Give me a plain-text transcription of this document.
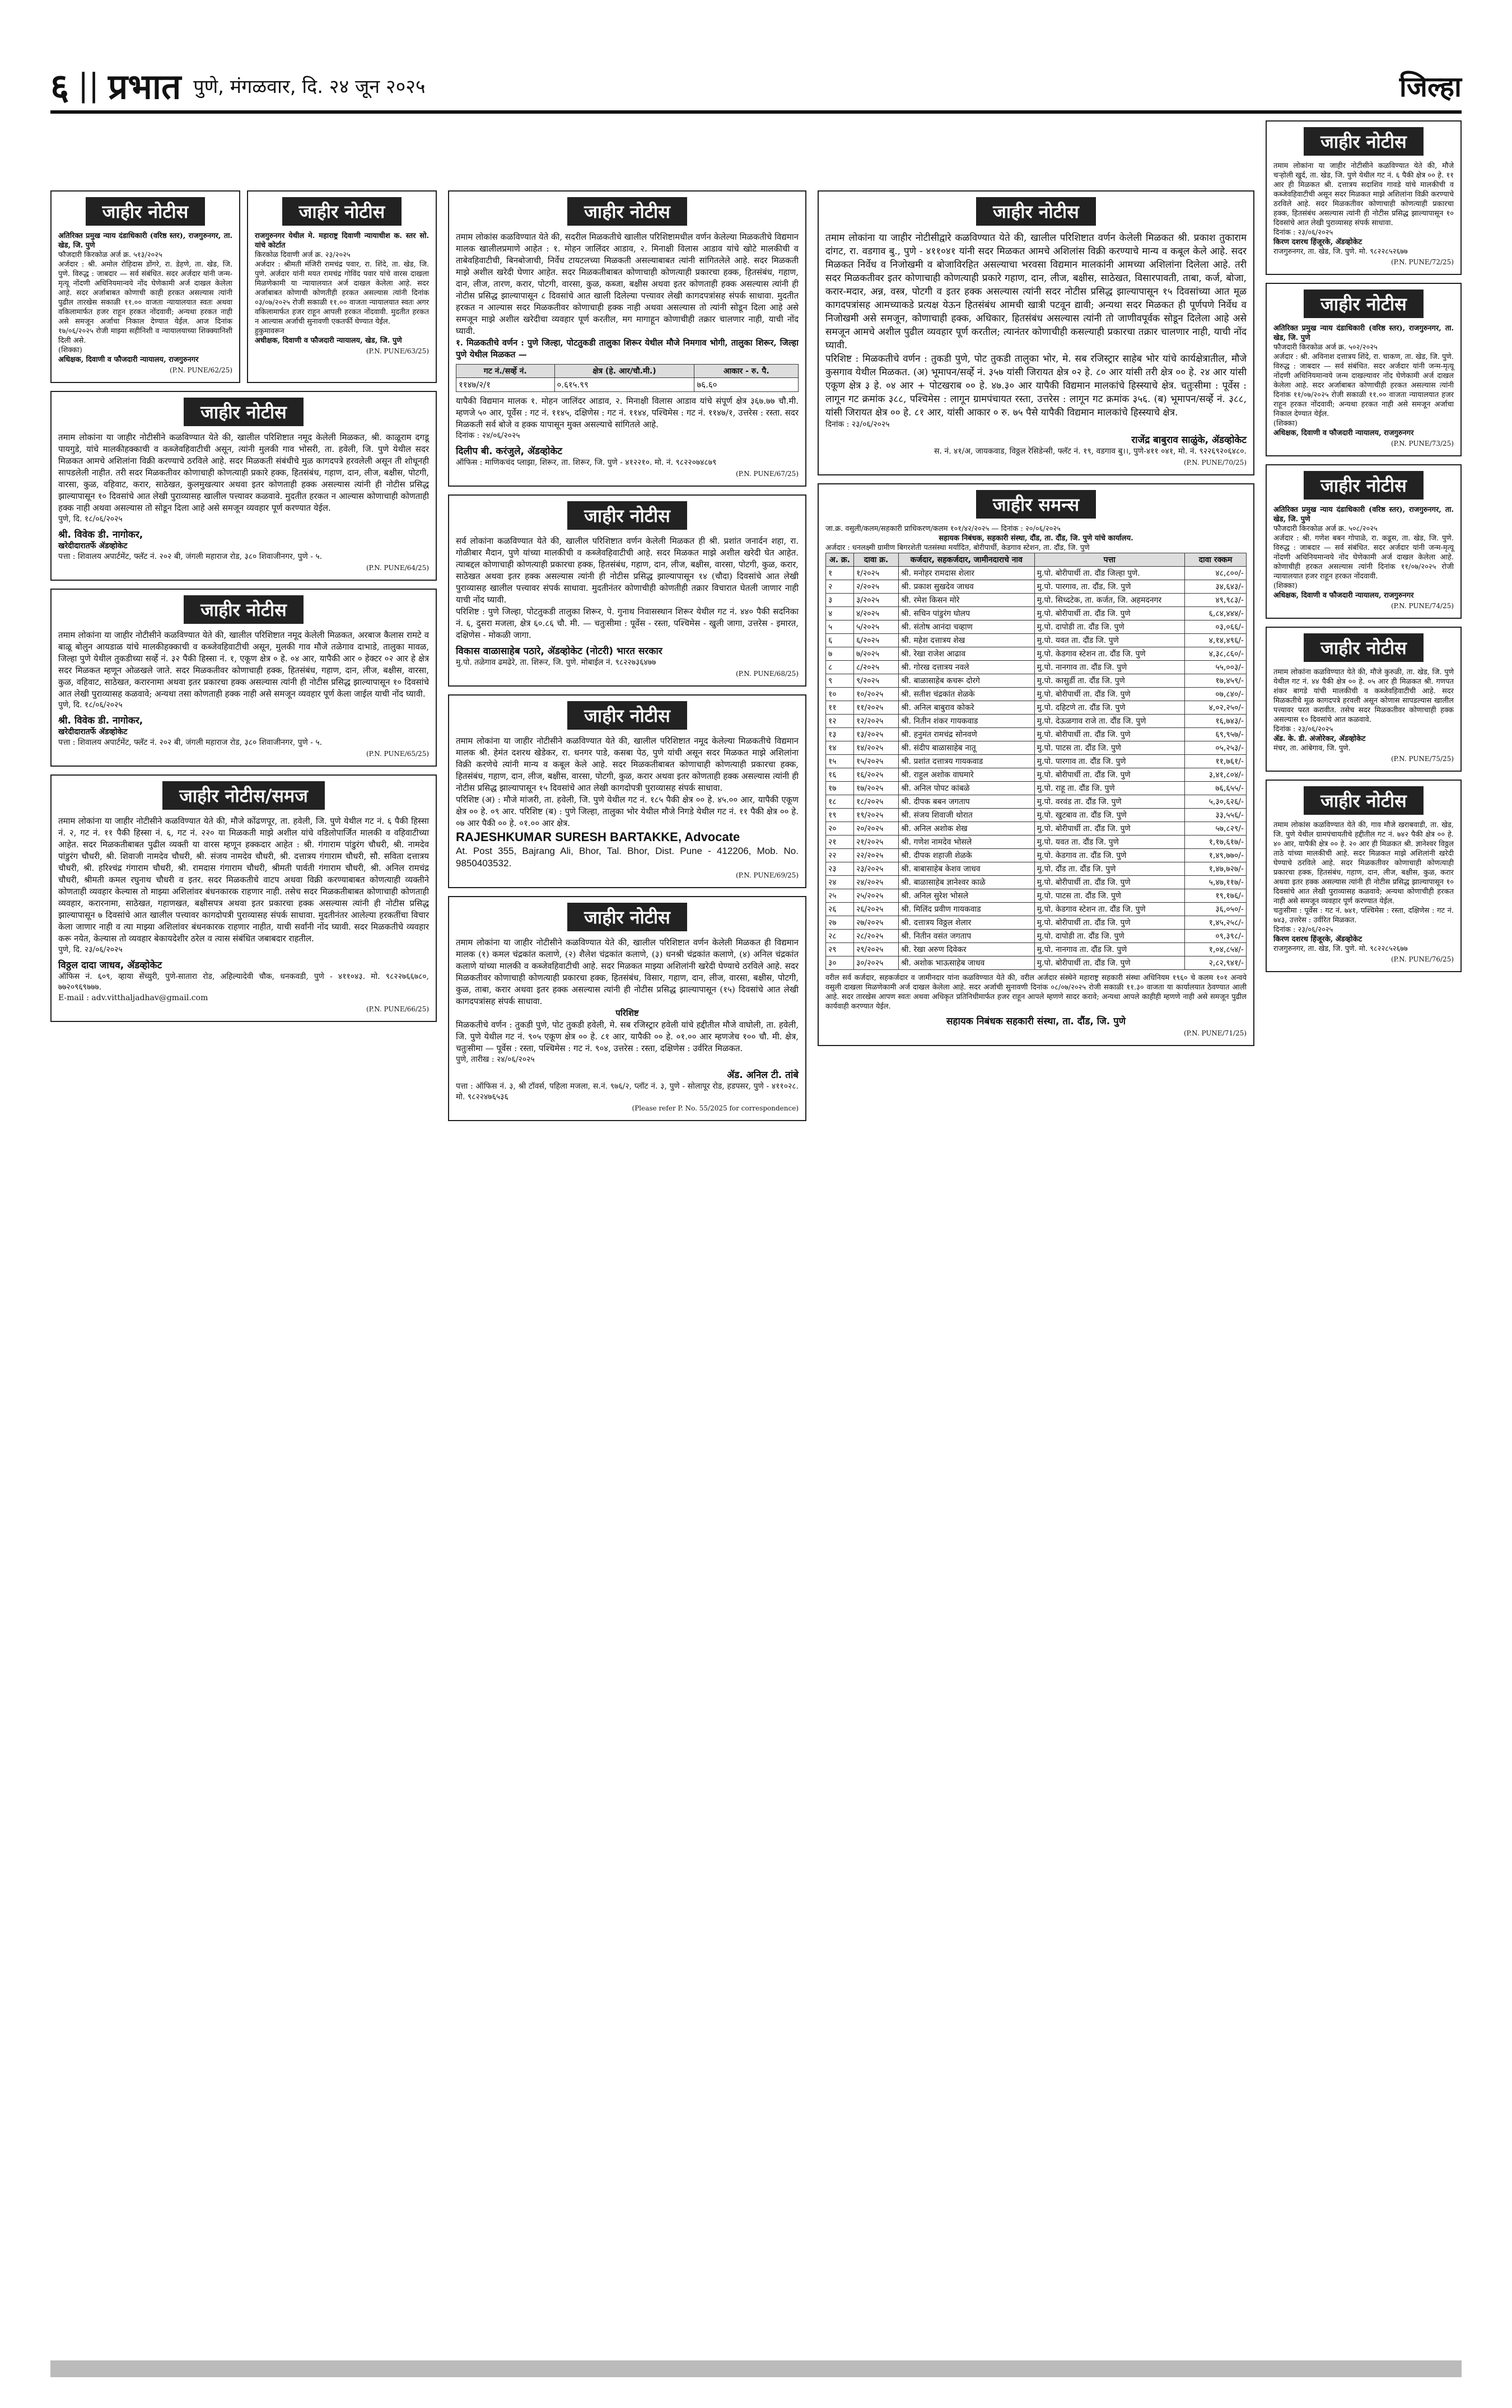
६ || प्रभात पुणे, मंगळवार, दि. २४ जून २०२५	जिल्हा
जाहीर नोटीस

अतिरिक्त प्रमुख न्याय दंडाधिकारी (वरिष्ठ स्तर), राजगुरुनगर, ता. खेड, जि. पुणे

फौजदारी किरकोळ अर्ज क्र. ५१३/२०२५

अर्जदार : श्री. अमोल रोहिदास डोंगरे, रा. डेहणे, ता. खेड, जि. पुणे. विरुद्ध : जाबदार — सर्व संबंधित. सदर अर्जदार यांनी जन्म-मृत्यू नोंदणी अधिनियमान्वये नोंद घेणेकामी अर्ज दाखल केलेला आहे. सदर अर्जाबाबत कोणाची काही हरकत असल्यास त्यांनी पुढील तारखेस सकाळी ११.०० वाजता न्यायालयात स्वतः अथवा वकिलामार्फत हजर राहून हरकत नोंदवावी; अन्यथा हरकत नाही असे समजून अर्जाचा निकाल देण्यात येईल. आज दिनांक १७/०६/२०२५ रोजी माझ्या सहीनिशी व न्यायालयाच्या शिक्क्यानिशी दिली असे.

(शिक्का)

अधिक्षक, दिवाणी व फौजदारी न्यायालय, राजगुरुनगर

(P.N. PUNE/62/25)

जाहीर नोटीस

राजगुरुनगर येथील मे. महाराष्ट्र दिवाणी न्यायाधीश क. स्तर सो. यांचे कोर्टात

किरकोळ दिवाणी अर्ज क्र. २३/२०२५

अर्जदार : श्रीमती मंजिरी रामचंद्र पवार, रा. शिंदे, ता. खेड, जि. पुणे. अर्जदार यांनी मयत रामचंद्र गोविंद पवार यांचे वारस दाखला मिळणेकामी या न्यायालयात अर्ज दाखल केलेला आहे. सदर अर्जाबाबत कोणाची कोणतीही हरकत असल्यास त्यांनी दिनांक ०३/०७/२०२५ रोजी सकाळी ११.०० वाजता न्यायालयात स्वतः अगर वकिलामार्फत हजर राहून आपली हरकत नोंदवावी. मुदतीत हरकत न आल्यास अर्जाची सुनावणी एकतर्फी घेण्यात येईल.

हुकुमावरून

अधीक्षक, दिवाणी व फौजदारी न्यायालय, खेड, जि. पुणे

(P.N. PUNE/63/25)

जाहीर नोटीस

तमाम लोकांना या जाहीर नोटीसीने कळविण्यात येते की, खालील परिशिष्टात नमूद केलेली मिळकत, श्री. काळूराम दगडू पायगुडे, यांचे मालकीहक्काची व कब्जेवहिवाटीची असून, त्यांनी मुलकी गाव भोसरी, ता. हवेली, जि. पुणे येथील सदर मिळकत आमचे अशिलांना विक्री करण्याचे ठरविले आहे. सदर मिळकती संबंधीचे मुळ कागदपत्रे हरवलेली असून ती शोधूनही सापडलेली नाहीत. तरी सदर मिळकतीवर कोणाचाही कोणत्याही प्रकारे हक्क, हितसंबंध, गहाण, दान, लीज, बक्षीस, पोटगी, वारसा, कुळ, वहिवाट, करार, साठेखत, कुलमुखत्यार अथवा इतर कोणताही हक्क असल्यास त्यांनी ही नोटीस प्रसिद्ध झाल्यापासून १० दिवसांचे आत लेखी पुराव्यासह खालील पत्त्यावर कळवावे. मुदतीत हरकत न आल्यास कोणाचाही कोणताही हक्क नाही अथवा असल्यास तो सोडून दिला आहे असे समजून व्यवहार पूर्ण करण्यात येईल.

पुणे, दि. १८/०६/२०२५

श्री. विवेक डी. नागोकर,

खरेदीदारातर्फे ॲडव्होकेट

पत्ता : शिवालय अपार्टमेंट, फ्लॅट नं. २०२ बी, जंगली महाराज रोड, ३८० शिवाजीनगर, पुणे - ५.

(P.N. PUNE/64/25)

जाहीर नोटीस

तमाम लोकांना या जाहीर नोटीसीने कळविण्यात येते की, खालील परिशिष्टात नमूद केलेली मिळकत, अरबाज कैलास रामटे व बाळू बोलुन आयडाळ यांचे मालकीहक्काची व कब्जेवहिवाटीची असून, मुलकी गाव मौजे तळेगाव दाभाडे, तालुका मावळ, जिल्हा पुणे येथील तुकडीच्या सर्व्हे नं. ३२ पैकी हिस्सा नं. १, एकूण क्षेत्र ० हे. ०४ आर, यापैकी आर ० हेक्टर ०२ आर हे क्षेत्र सदर मिळकत म्हणून ओळखले जाते. सदर मिळकतीवर कोणाचाही हक्क, हितसंबंध, गहाण, दान, लीज, बक्षीस, वारसा, कुळ, वहिवाट, साठेखत, करारनामा अथवा इतर प्रकारचा हक्क असल्यास त्यांनी ही नोटीस प्रसिद्ध झाल्यापासून १० दिवसांचे आत लेखी पुराव्यासह कळवावे; अन्यथा तसा कोणताही हक्क नाही असे समजून व्यवहार पूर्ण केला जाईल याची नोंद घ्यावी.

पुणे, दि. १८/०६/२०२५

श्री. विवेक डी. नागोकर,

खरेदीदारातर्फे ॲडव्होकेट

पत्ता : शिवालय अपार्टमेंट, फ्लॅट नं. २०२ बी, जंगली महाराज रोड, ३८० शिवाजीनगर, पुणे - ५.

(P.N. PUNE/65/25)

जाहीर नोटीस/समज

तमाम लोकांना या जाहीर नोटीसीने कळविण्यात येते की, मौजे कोंढणपूर, ता. हवेली, जि. पुणे येथील गट नं. ६ पैकी हिस्सा नं. २, गट नं. ११ पैकी हिस्सा नं. ६, गट नं. २२० या मिळकती माझे अशील यांचे वडिलोपार्जित मालकी व वहिवाटीच्या आहेत. सदर मिळकतीबाबत पुढील व्यक्ती या वारस म्हणून हक्कदार आहेत : श्री. गंगाराम पांडुरंग चौधरी, श्री. नामदेव पांडुरंग चौधरी, श्री. शिवाजी नामदेव चौधरी, श्री. संजय नामदेव चौधरी, श्री. दत्तात्रय गंगाराम चौधरी, सौ. सविता दत्तात्रय चौधरी, श्री. हरिश्चंद्र गंगाराम चौधरी, श्री. रामदास गंगाराम चौधरी, श्रीमती पार्वती गंगाराम चौधरी, श्री. अनिल रामचंद्र चौधरी, श्रीमती कमल रघुनाथ चौधरी व इतर. सदर मिळकतीचे वाटप अथवा विक्री करण्याबाबत कोणत्याही व्यक्तीने कोणताही व्यवहार केल्यास तो माझ्या अशिलांवर बंधनकारक राहणार नाही. तसेच सदर मिळकतीबाबत कोणाचाही कोणताही व्यवहार, करारनामा, साठेखत, गहाणखत, बक्षीसपत्र अथवा इतर प्रकारचा हक्क असल्यास त्यांनी ही नोटीस प्रसिद्ध झाल्यापासून ७ दिवसांचे आत खालील पत्त्यावर कागदोपत्री पुराव्यासह संपर्क साधावा. मुदतीनंतर आलेल्या हरकतींचा विचार केला जाणार नाही व त्या माझ्या अशिलांवर बंधनकारक राहणार नाहीत, याची सर्वांनी नोंद घ्यावी. सदर मिळकतीचे व्यवहार करू नयेत, केल्यास तो व्यवहार बेकायदेशीर ठरेल व त्यास संबंधित जबाबदार राहतील.

पुणे, दि. २३/०६/२०२५

विठ्ठल दादा जाधव, ॲडव्होकेट

ऑफिस नं. ६०९, व्हाया सेंच्युरी, पुणे-सातारा रोड, अहिल्यादेवी चौक, धनकवडी, पुणे - ४११०४३. मो. ९८२२७६६७८०, ७७२०९६९७७७.

E-mail : adv.vitthaljadhav@gmail.com

(P.N. PUNE/66/25)

जाहीर नोटीस

तमाम लोकांस कळविण्यात येते की, सदरील मिळकतीचे खालील परिशिष्टामधील वर्णन केलेल्या मिळकतीचे विद्यमान मालक खालीलप्रमाणे आहेत : १. मोहन जालिंदर आडाव, २. मिनाक्षी विलास आडाव यांचे खोटे मालकीची व ताबेवहिवाटीची, बिनबोजाची, निर्वेध टायटलच्या मिळकती असल्याबाबत त्यांनी सांगितलेले आहे. सदर मिळकती माझे अशील खरेदी घेणार आहेत. सदर मिळकतीबाबत कोणाचाही कोणत्याही प्रकारचा हक्क, हितसंबंध, गहाण, दान, लीज, तारण, करार, पोटगी, वारसा, कुळ, कब्जा, बक्षीस अथवा इतर कोणताही हक्क असल्यास त्यांनी ही नोटीस प्रसिद्ध झाल्यापासून ८ दिवसांचे आत खाली दिलेल्या पत्त्यावर लेखी कागदपत्रांसह संपर्क साधावा. मुदतीत हरकत न आल्यास सदर मिळकतीवर कोणाचाही हक्क नाही अथवा असल्यास तो त्यांनी सोडून दिला आहे असे समजून माझे अशील खरेदीचा व्यवहार पूर्ण करतील, मग मागाहून कोणाचीही तक्रार चालणार नाही, याची नोंद घ्यावी.

१. मिळकतीचे वर्णन : पुणे जिल्हा, पोटतुकडी तालुका शिरूर येथील मौजे निमगाव भोगी, तालुका शिरूर, जिल्हा पुणे येथील मिळकत —

गट नं./सर्व्हे नं.	क्षेत्र (हे. आर/चौ.मी.)	आकार - रु. पै.
११४७/२/१	०.६१५.९९	७६.६०

यापैकी विद्यमान मालक १. मोहन जालिंदर आडाव, २. मिनाक्षी विलास आडाव यांचे संपूर्ण क्षेत्र ३६७.७७ चौ.मी. म्हणजे ५० आर, पूर्वेस : गट नं. ११४५, दक्षिणेस : गट नं. ११४४, पश्चिमेस : गट नं. ११४७/१, उत्तरेस : रस्ता. सदर मिळकती सर्व बोजे व हक्क यापासून मुक्त असल्याचे सांगितले आहे.

दिनांक : २४/०६/२०२५

दिलीप बी. करंजुले, ॲडव्होकेट

ऑफिस : माणिकचंद प्लाझा, शिरूर, ता. शिरूर, जि. पुणे - ४१२२१०. मो. नं. ९८२२०७४८७९

(P.N. PUNE/67/25)

जाहीर नोटीस

सर्व लोकांना कळविण्यात येते की, खालील परिशिष्टात वर्णन केलेली मिळकत ही श्री. प्रशांत जनार्दन शहा, रा. गोळीबार मैदान, पुणे यांच्या मालकीची व कब्जेवहिवाटीची आहे. सदर मिळकत माझे अशील खरेदी घेत आहेत. त्याबद्दल कोणाचाही कोणत्याही प्रकारचा हक्क, हितसंबंध, गहाण, दान, लीज, बक्षीस, वारसा, पोटगी, कुळ, करार, साठेखत अथवा इतर हक्क असल्यास त्यांनी ही नोटीस प्रसिद्ध झाल्यापासून १४ (चौदा) दिवसांचे आत लेखी पुराव्यासह खालील पत्त्यावर संपर्क साधावा. मुदतीनंतर कोणाचीही कोणतीही तक्रार विचारात घेतली जाणार नाही याची नोंद घ्यावी.

परिशिष्ट : पुणे जिल्हा, पोटतुकडी तालुका शिरूर, पे. गुनाथ निवासस्थान शिरूर येथील गट नं. ४४० पैकी सदनिका नं. ६, दुसरा मजला, क्षेत्र ६०.८६ चौ. मी. — चतुःसीमा : पूर्वेस - रस्ता, पश्चिमेस - खुली जागा, उत्तरेस - इमारत, दक्षिणेस - मोकळी जागा.

विकास वाळासाहेब पठारे, ॲडव्होकेट (नोटरी) भारत सरकार

मु.पो. तळेगाव ढमढेरे, ता. शिरूर, जि. पुणे. मोबाईल नं. ९८२२७३६४७७

(P.N. PUNE/68/25)

जाहीर नोटीस

तमाम लोकांना या जाहीर नोटीसीने कळविण्यात येते की, खालील परिशिष्टात नमूद केलेल्या मिळकतीचे विद्यमान मालक श्री. हेमंत दशरथ खेडेकर, रा. धनगर पाडे, कसबा पेठ, पुणे यांची असून सदर मिळकत माझे अशिलांना विक्री करणेचे त्यांनी मान्य व कबूल केले आहे. सदर मिळकतीबाबत कोणाचाही कोणत्याही प्रकारचा हक्क, हितसंबंध, गहाण, दान, लीज, बक्षीस, वारसा, पोटगी, कुळ, करार अथवा इतर कोणताही हक्क असल्यास त्यांनी ही नोटीस प्रसिद्ध झाल्यापासून १५ दिवसांचे आत लेखी कागदोपत्री पुराव्यासह संपर्क साधावा.

परिशिष्ट (अ) : मौजे मांजरी, ता. हवेली, जि. पुणे येथील गट नं. १८५ पैकी क्षेत्र ०० हे. ४५.०० आर, यापैकी एकूण क्षेत्र ०० हे. ०९ आर. परिशिष्ट (ब) : पुणे जिल्हा, तालुका भोर येथील मौजे निगडे येथील गट नं. ११ पैकी क्षेत्र ०० हे. ०७ आर पैकी ०० हे. ०१.०० आर क्षेत्र.

RAJESHKUMAR SURESH BARTAKKE, Advocate

At. Post 355, Bajrang Ali, Bhor, Tal. Bhor, Dist. Pune - 412206, Mob. No. 9850403532.

(P.N. PUNE/69/25)

जाहीर नोटीस

तमाम लोकांना या जाहीर नोटीसीने कळविण्यात येते की, खालील परिशिष्टात वर्णन केलेली मिळकत ही विद्यमान मालक (१) कमल चंद्रकांत कलाणे, (२) शैलेश चंद्रकांत कलाणे, (३) धनश्री चंद्रकांत कलाणे, (४) अनिल चंद्रकांत कलाणे यांच्या मालकी व कब्जेवहिवाटीची आहे. सदर मिळकत माझ्या अशिलांनी खरेदी घेण्याचे ठरविले आहे. सदर मिळकतीवर कोणाचाही कोणत्याही प्रकारचा हक्क, हितसंबंध, विसार, गहाण, दान, लीज, वारसा, बक्षीस, पोटगी, कुळ, ताबा, करार अथवा इतर हक्क असल्यास त्यांनी ही नोटीस प्रसिद्ध झाल्यापासून (१५) दिवसांचे आत लेखी कागदपत्रांसह संपर्क साधावा.

परिशिष्ट

मिळकतीचे वर्णन : तुकडी पुणे, पोट तुकडी हवेली, मे. सब रजिस्ट्रार हवेली यांचे हद्दीतील मौजे वाघोली, ता. हवेली, जि. पुणे येथील गट नं. ९०५ एकूण क्षेत्र ०० हे. ८१ आर, यापैकी ०० हे. ०१.०० आर म्हणजेच १०० चौ. मी. क्षेत्र, चतुःसीमा — पूर्वेस : रस्ता, पश्चिमेस : गट नं. ९०४, उत्तरेस : रस्ता, दक्षिणेस : उर्वरित मिळकत.

पुणे, तारीख : २४/०६/२०२५

ॲड. अनिल टी. तांबे

पत्ता : ऑफिस नं. ३, श्री टॉवर्स, पहिला मजला, स.नं. ९७६/२, प्लॉट नं. ३, पुणे - सोलापूर रोड, हडपसर, पुणे - ४११०२८. मो. ९८२२४७६५३६

(Please refer P. No. 55/2025 for correspondence)

जाहीर नोटीस

तमाम लोकांना या जाहीर नोटीसीद्वारे कळविण्यात येते की, खालील परिशिष्टात वर्णन केलेली मिळकत श्री. प्रकाश तुकाराम दांगट, रा. वडगाव बु., पुणे - ४११०४१ यांनी सदर मिळकत आमचे अशिलांस विक्री करण्याचे मान्य व कबूल केले आहे. सदर मिळकत निर्वेध व निजोखमी व बोजाविरहित असल्याचा भरवसा विद्यमान मालकांनी आमच्या अशिलांना दिलेला आहे. तरी सदर मिळकतीवर इतर कोणाचाही कोणत्याही प्रकारे गहाण, दान, लीज, बक्षीस, साठेखत, विसारपावती, ताबा, कर्ज, बोजा, करार-मदार, अन्न, वस्त्र, पोटगी व इतर हक्क असल्यास त्यांनी सदर नोटीस प्रसिद्ध झाल्यापासून १५ दिवसांच्या आत मूळ कागदपत्रांसह आमच्याकडे प्रत्यक्ष येऊन हितसंबंध आमची खात्री पटवून द्यावी; अन्यथा सदर मिळकत ही पूर्णपणे निर्वेध व निजोखमी असे समजून, कोणाचाही हक्क, अधिकार, हितसंबंध असल्यास त्यांनी तो जाणीवपूर्वक सोडून दिलेला आहे असे समजून आमचे अशील पुढील व्यवहार पूर्ण करतील; त्यानंतर कोणाचीही कसल्याही प्रकारचा तक्रार चालणार नाही, याची नोंद घ्यावी.

परिशिष्ट : मिळकतीचे वर्णन : तुकडी पुणे, पोट तुकडी तालुका भोर, मे. सब रजिस्ट्रार साहेब भोर यांचे कार्यक्षेत्रातील, मौजे कुसगाव येथील मिळकत. (अ) भूमापन/सर्व्हे नं. ३५७ यांसी जिरायत क्षेत्र ०२ हे. ८० आर यांसी तरी क्षेत्र ०० हे. २४ आर यांसी एकूण क्षेत्र ३ हे. ०४ आर + पोटखराब ०० हे. ४७.३० आर यापैकी विद्यमान मालकांचे हिस्स्याचे क्षेत्र. चतुःसीमा : पूर्वेस : लागून गट क्रमांक ३८८, पश्चिमेस : लागून ग्रामपंचायत रस्ता, उत्तरेस : लागून गट क्रमांक ३५६. (ब) भूमापन/सर्व्हे नं. ३८८, यांसी जिरायत क्षेत्र ०० हे. ८१ आर, यांसी आकार ० रु. ७५ पैसे यापैकी विद्यमान मालकांचे हिस्स्याचे क्षेत्र.

दिनांक : २३/०६/२०२५

राजेंद्र बाबुराव साळुंके, ॲडव्होकेट

स. नं. ४१/अ, जायकवाड, विठ्ठल रेसिडेन्सी, फ्लॅट नं. १९, वडगाव बु।।, पुणे-४११ ०४१, मो. नं. ९२२६९२०६४८०.

(P.N. PUNE/70/25)

जाहीर समन्स

जा.क्र. वसुली/कलम/सहकारी प्राधिकरण/कलम १०१/४२/२०२५ — दिनांक : २०/०६/२०२५

सहायक निबंधक, सहकारी संस्था, दौंड, ता. दौंड, जि. पुणे यांचे कार्यालय.

अर्जदार : धनलक्ष्मी ग्रामीण बिगरशेती पतसंस्था मर्यादित, बोरीपार्धी, केडगाव स्टेशन, ता. दौंड, जि. पुणे

अ. क्र.	दावा क्र.	कर्जदार, सहकर्जदार, जामीनदाराचे नाव	पत्ता	दावा रक्कम
१	१/२०२५	श्री. मनोहर रामदास शेलार	मु.पो. बोरीपार्धी ता. दौंड जिल्हा पुणे.	४८,८००/-
२	२/२०२५	श्री. प्रकाश सुखदेव जाधव	मु.पो. पारगाव, ता. दौंड, जि. पुणे	३४,६४३/-
३	३/२०२५	श्री. रमेश किसन मोरे	मु.पो. सिध्दटेक, ता. कर्जत, जि. अहमदनगर	४९,९८३/-
४	४/२०२५	श्री. सचिन पांडुरंग घोलप	मु.पो. बोरीपार्धी ता. दौंड जि. पुणे	६,८४,४४४/-
५	५/२०२५	श्री. संतोष आनंदा चव्हाण	मु.पो. दापोडी ता. दौंड जि. पुणे	०३,०६६/-
६	६/२०२५	श्री. महेश दत्तात्रय शेख	मु.पो. यवत ता. दौंड जि. पुणे	४,१४,४९६/-
७	७/२०२५	श्री. रेखा राजेश आढाव	मु.पो. केडगाव स्टेशन ता. दौंड जि. पुणे	४,३८,८६०/-
८	८/२०२५	श्री. गोरख दत्तात्रय नवले	मु.पो. नानगाव ता. दौंड जि. पुणे	५५,००३/-
९	९/२०२५	श्री. बाळासाहेब कचरू दोरगे	मु.पो. कासुर्डी ता. दौंड जि. पुणे	१७,४५९/-
१०	१०/२०२५	श्री. सतीश चंद्रकांत शेळके	मु.पो. बोरीपार्धी ता. दौंड जि. पुणे	०७,८४०/-
११	११/२०२५	श्री. अनिल बाबुराव कोकरे	मु.पो. दहिटणे ता. दौंड जि. पुणे	४,०२,२५०/-
१२	१२/२०२५	श्री. नितीन शंकर गायकवाड	मु.पो. देऊळगाव राजे ता. दौंड जि. पुणे	१६,७४३/-
१३	१३/२०२५	श्री. हनुमंत रामचंद्र सोनवणे	मु.पो. बोरीपार्धी ता. दौंड जि. पुणे	६९,९५७/-
१४	१४/२०२५	श्री. संदीप बाळासाहेब नातू	मु.पो. पाटस ता. दौंड जि. पुणे	०५,२५३/-
१५	१५/२०२५	श्री. प्रशांत दत्तात्रय गायकवाड	मु.पो. पारगाव ता. दौंड जि. पुणे	११,७६१/-
१६	१६/२०२५	श्री. राहुल अशोक वाघमारे	मु.पो. बोरीपार्धी ता. दौंड जि. पुणे	३,४१,८०४/-
१७	१७/२०२५	श्री. अनिल पोपट कांबळे	मु.पो. राहू ता. दौंड जि. पुणे	७६,६५५/-
१८	१८/२०२५	श्री. दीपक बबन जगताप	मु.पो. वरवंड ता. दौंड जि. पुणे	५,३०,६२६/-
१९	१९/२०२५	श्री. संजय शिवाजी थोरात	मु.पो. खुटबाव ता. दौंड जि. पुणे	३३,५५६/-
२०	२०/२०२५	श्री. अनिल अशोक शेख	मु.पो. बोरीपार्धी ता. दौंड जि. पुणे	५७,८२९/-
२१	२१/२०२५	श्री. गणेश नामदेव भोसले	मु.पो. यवत ता. दौंड जि. पुणे	१,१७,६१७/-
२२	२२/२०२५	श्री. दीपक शहाजी शेळके	मु.पो. केडगाव ता. दौंड जि. पुणे	१,४९,७७०/-
२३	२३/२०२५	श्री. बाबासाहेब केशव जाधव	मु.पो. दौंड ता. दौंड जि. पुणे	१,४७,७२७/-
२४	२४/२०२५	श्री. बाळासाहेब ज्ञानेश्वर काळे	मु.पो. बोरीपार्धी ता. दौंड जि. पुणे	५,४७,११७/-
२५	२५/२०२५	श्री. अनिल सुरेश भोसले	मु.पो. पाटस ता. दौंड जि. पुणे	१९,१७६/-
२६	२६/२०२५	श्री. मिलिंद प्रवीण गायकवाड	मु.पो. केडगाव स्टेशन ता. दौंड जि. पुणे	३६,०५०/-
२७	२७/२०२५	श्री. दत्तात्रय विठ्ठल शेलार	मु.पो. बोरीपार्धी ता. दौंड जि. पुणे	१,४५,२५८/-
२८	२८/२०२५	श्री. नितीन वसंत जगताप	मु.पो. दापोडी ता. दौंड जि. पुणे	०९,३९८/-
२९	२९/२०२५	श्री. रेखा अरुण दिवेकर	मु.पो. नानगाव ता. दौंड जि. पुणे	१,०४,८५४/-
३०	३०/२०२५	श्री. अशोक भाऊसाहेब जाधव	मु.पो. बोरीपार्धी ता. दौंड जि. पुणे	२,८२,९४१/-

वरील सर्व कर्जदार, सहकर्जदार व जामीनदार यांना कळविण्यात येते की, वरील अर्जदार संस्थेने महाराष्ट्र सहकारी संस्था अधिनियम १९६० चे कलम १०१ अन्वये वसुली दाखला मिळणेकामी अर्ज दाखल केलेला आहे. सदर अर्जाची सुनावणी दिनांक ०८/०७/२०२५ रोजी सकाळी ११.३० वाजता या कार्यालयात ठेवण्यात आली आहे. सदर तारखेस आपण स्वतः अथवा अधिकृत प्रतिनिधीमार्फत हजर राहून आपले म्हणणे सादर करावे; अन्यथा आपले काहीही म्हणणे नाही असे समजून पुढील कार्यवाही करण्यात येईल.

सहायक निबंधक सहकारी संस्था, ता. दौंड, जि. पुणे

(P.N. PUNE/71/25)

जाहीर नोटीस

तमाम लोकांना या जाहीर नोटीसीने कळविण्यात येते की, मौजे चऱ्होली खुर्द, ता. खेड, जि. पुणे येथील गट नं. ६ पैकी क्षेत्र ०० हे. ११ आर ही मिळकत श्री. दत्तात्रय सदाशिव गावडे यांचे मालकीची व कब्जेवहिवाटीची असून सदर मिळकत माझे अशिलांना विक्री करण्याचे ठरविले आहे. सदर मिळकतीवर कोणाचाही कोणत्याही प्रकारचा हक्क, हितसंबंध असल्यास त्यांनी ही नोटीस प्रसिद्ध झाल्यापासून १० दिवसांचे आत लेखी पुराव्यासह संपर्क साधावा.

दिनांक : २३/०६/२०२५

किरण दशरथ हिंजूरके, ॲडव्होकेट

राजगुरुनगर, ता. खेड, जि. पुणे. मो. ९८२२८५२६७७

(P.N. PUNE/72/25)

जाहीर नोटीस

अतिरिक्त प्रमुख न्याय दंडाधिकारी (वरिष्ठ स्तर), राजगुरुनगर, ता. खेड, जि. पुणे

फौजदारी किरकोळ अर्ज क्र. ५०२/२०२५

अर्जदार : श्री. अविनाश दत्तात्रय शिंदे, रा. चाकण, ता. खेड, जि. पुणे. विरुद्ध : जाबदार — सर्व संबंधित. सदर अर्जदार यांनी जन्म-मृत्यू नोंदणी अधिनियमान्वये जन्म दाखल्यावर नोंद घेणेकामी अर्ज दाखल केलेला आहे. सदर अर्जाबाबत कोणाचीही हरकत असल्यास त्यांनी दिनांक ११/०७/२०२५ रोजी सकाळी ११.०० वाजता न्यायालयात हजर राहून हरकत नोंदवावी; अन्यथा हरकत नाही असे समजून अर्जाचा निकाल देण्यात येईल.

(शिक्का)

अधिक्षक, दिवाणी व फौजदारी न्यायालय, राजगुरुनगर

(P.N. PUNE/73/25)

जाहीर नोटीस

अतिरिक्त प्रमुख न्याय दंडाधिकारी (वरिष्ठ स्तर), राजगुरुनगर, ता. खेड, जि. पुणे

फौजदारी किरकोळ अर्ज क्र. ५०८/२०२५

अर्जदार : श्री. गणेश बबन गोपाळे, रा. कडूस, ता. खेड, जि. पुणे. विरुद्ध : जाबदार — सर्व संबंधित. सदर अर्जदार यांनी जन्म-मृत्यू नोंदणी अधिनियमान्वये नोंद घेणेकामी अर्ज दाखल केलेला आहे. कोणाचीही हरकत असल्यास त्यांनी दिनांक ११/०७/२०२५ रोजी न्यायालयात हजर राहून हरकत नोंदवावी.

(शिक्का)

अधिक्षक, दिवाणी व फौजदारी न्यायालय, राजगुरुनगर

(P.N. PUNE/74/25)

जाहीर नोटीस

तमाम लोकांना कळविण्यात येते की, मौजे कुरुळी, ता. खेड, जि. पुणे येथील गट नं. ४४ पैकी क्षेत्र ०० हे. ०५ आर ही मिळकत श्री. गणपत शंकर बागडे यांची मालकीची व कब्जेवहिवाटीची आहे. सदर मिळकतीचे मूळ कागदपत्रे हरवली असून कोणास सापडल्यास खालील पत्त्यावर परत करावीत. तसेच सदर मिळकतीवर कोणाचाही हक्क असल्यास १० दिवसांचे आत कळवावे.

दिनांक : २३/०६/२०२५

ॲड. के. डी. अंजोरेकर, ॲडव्होकेट

मंचर, ता. आंबेगाव, जि. पुणे.

(P.N. PUNE/75/25)

जाहीर नोटीस

तमाम लोकांस कळविण्यात येते की, गाव मौजे खराबवाडी, ता. खेड, जि. पुणे येथील ग्रामपंचायतीचे हद्दीतील गट नं. ७४२ पैकी क्षेत्र ०० हे. ४० आर, यापैकी क्षेत्र ०० हे. २० आर ही मिळकत श्री. ज्ञानेश्वर विठ्ठल ताठे यांच्या मालकीची आहे. सदर मिळकत माझे अशिलांनी खरेदी घेण्याचे ठरविले आहे. सदर मिळकतीवर कोणाचाही कोणत्याही प्रकारचा हक्क, हितसंबंध, गहाण, दान, लीज, बक्षीस, कुळ, करार अथवा इतर हक्क असल्यास त्यांनी ही नोटीस प्रसिद्ध झाल्यापासून १० दिवसांचे आत लेखी पुराव्यासह कळवावे; अन्यथा कोणाचीही हरकत नाही असे समजून व्यवहार पूर्ण करण्यात येईल.

चतुःसीमा : पूर्वेस : गट नं. ७४१, पश्चिमेस : रस्ता, दक्षिणेस : गट नं. ७४३, उत्तरेस : उर्वरित मिळकत.

दिनांक : २३/०६/२०२५

किरण दशरथ हिंजूरके, ॲडव्होकेट

राजगुरुनगर, ता. खेड, जि. पुणे. मो. ९८२२८५२६७७

(P.N. PUNE/76/25)
